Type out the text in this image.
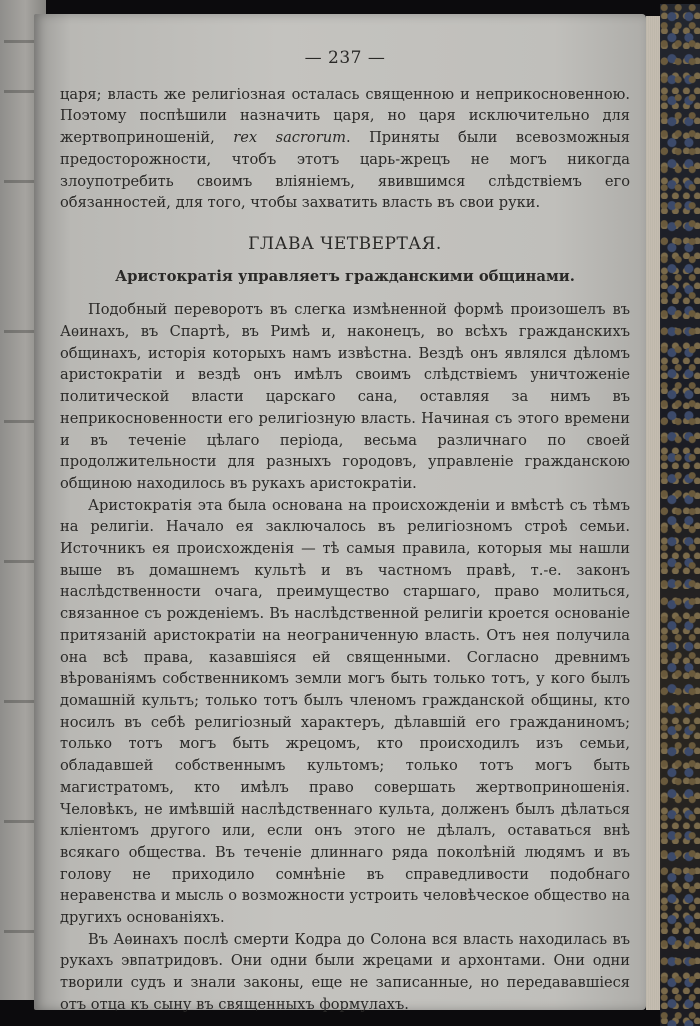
— 237 —

царя; власть же религіозная осталась священною и неприкосновенною. Поэтому поспѣшили назначить царя, но царя исключительно для жертвоприношеній, rex sacrorum. Приняты были всевозможныя предосторожности, чтобъ этотъ царь-жрецъ не могъ никогда злоупотребить своимъ вліяніемъ, явившимся слѣдствіемъ его обязанностей, для того, чтобы захватить власть въ свои руки.

ГЛАВА ЧЕТВЕРТАЯ.
Аристократія управляетъ гражданскими общинами.

Подобный переворотъ въ слегка измѣненной формѣ произошелъ въ Аѳинахъ, въ Спартѣ, въ Римѣ и, наконецъ, во всѣхъ гражданскихъ общинахъ, исторія которыхъ намъ извѣстна. Вездѣ онъ являлся дѣломъ аристократіи и вездѣ онъ имѣлъ своимъ слѣдствіемъ уничтоженіе политической власти царскаго сана, оставляя за нимъ въ неприкосновенности его религіозную власть. Начиная съ этого времени и въ теченіе цѣлаго періода, весьма различнаго по своей продолжительности для разныхъ городовъ, управленіе гражданскою общиною находилось въ рукахъ аристократіи.

Аристократія эта была основана на происхожденіи и вмѣстѣ съ тѣмъ на религіи. Начало ея заключалось въ религіозномъ строѣ семьи. Источникъ ея происхожденія — тѣ самыя правила, которыя мы нашли выше въ домашнемъ культѣ и въ частномъ правѣ, т.-е. законъ наслѣдственности очага, преимущество старшаго, право молиться, связанное съ рожденіемъ. Въ наслѣдственной религіи кроется основаніе притязаній аристократіи на неограниченную власть. Отъ нея получила она всѣ права, казавшіяся ей священными. Согласно древнимъ вѣрованіямъ собственникомъ земли могъ быть только тотъ, у кого былъ домашній культъ; только тотъ былъ членомъ гражданской общины, кто носилъ въ себѣ религіозный характеръ, дѣлавшій его гражданиномъ; только тотъ могъ быть жрецомъ, кто происходилъ изъ семьи, обладавшей собственнымъ культомъ; только тотъ могъ быть магистратомъ, кто имѣлъ право совершать жертвоприношенія. Человѣкъ, не имѣвшій наслѣдственнаго культа, долженъ былъ дѣлаться кліентомъ другого или, если онъ этого не дѣлалъ, оставаться внѣ всякаго общества. Въ теченіе длиннаго ряда поколѣній людямъ и въ голову не приходило сомнѣніе въ справедливости подобнаго неравенства и мысль о возможности устроить человѣческое общество на другихъ основаніяхъ.

Въ Аѳинахъ послѣ смерти Кодра до Солона вся власть находилась въ рукахъ эвпатридовъ. Они одни были жрецами и архонтами. Они одни творили судъ и знали законы, еще не записанные, но передававшіеся отъ отца къ сыну въ священныхъ формулахъ.
